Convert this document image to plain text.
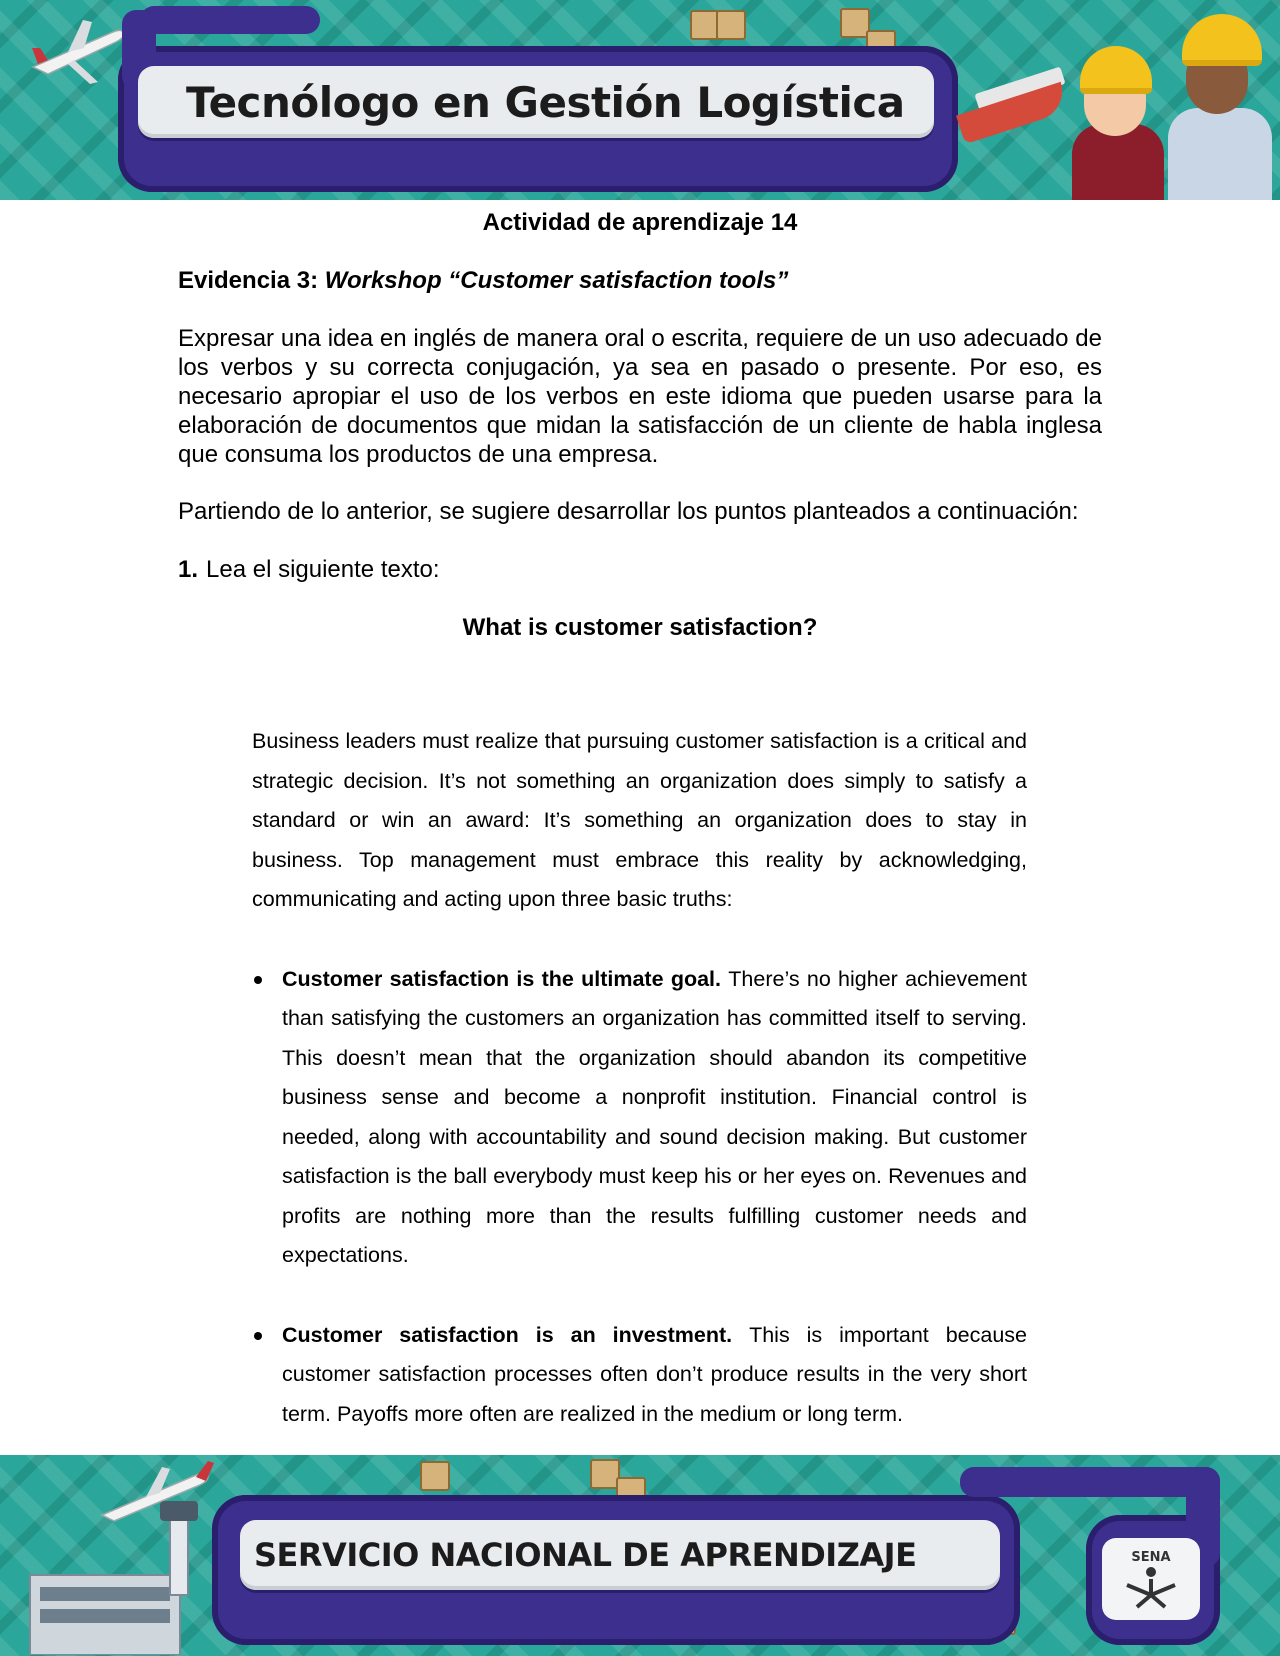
Tecnólogo en Gestión Logística
Actividad de aprendizaje 14
Evidencia 3: Workshop “Customer satisfaction tools”
Expresar una idea en inglés de manera oral o escrita, requiere de un uso adecuado de los verbos y su correcta conjugación, ya sea en pasado o presente. Por eso, es necesario apropiar el uso de los verbos en este idioma que pueden usarse para la elaboración de documentos que midan la satisfacción de un cliente de habla inglesa que consuma los productos de una empresa.
Partiendo de lo anterior, se sugiere desarrollar los puntos planteados a continuación:
1. Lea el siguiente texto:
What is customer satisfaction?

Business leaders must realize that pursuing customer satisfaction is a critical and strategic decision. It’s not something an organization does simply to satisfy a standard or win an award: It’s something an organization does to stay in business. Top management must embrace this reality by acknowledging, communicating and acting upon three basic truths:

Customer satisfaction is the ultimate goal. There’s no higher achievement than satisfying the customers an organization has committed itself to serving. This doesn’t mean that the organization should abandon its competitive business sense and become a nonprofit institution. Financial control is needed, along with accountability and sound decision making. But customer satisfaction is the ball everybody must keep his or her eyes on. Revenues and profits are nothing more than the results fulfilling customer needs and expectations.
Customer satisfaction is an investment. This is important because customer satisfaction processes often don’t produce results in the very short term. Payoffs more often are realized in the medium or long term.
SERVICIO NACIONAL DE APRENDIZAJE	SENA
